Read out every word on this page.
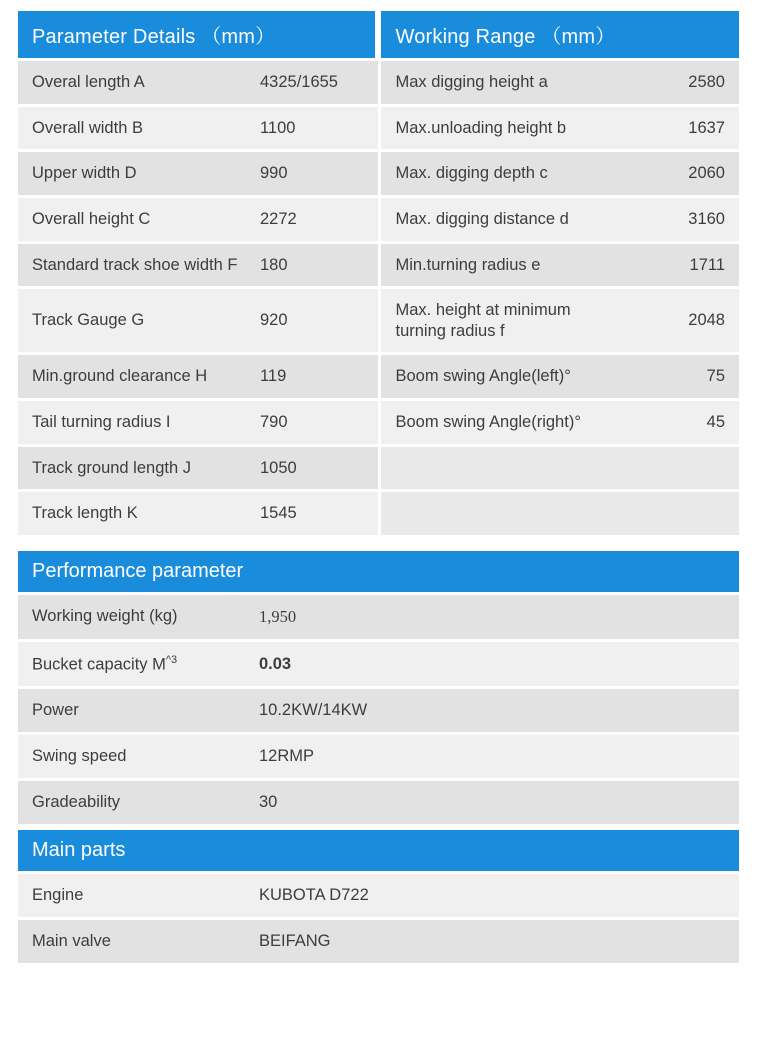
Parameter Details （mm）			Working Range （mm）	
Overal length A	4325/1655		Max digging height a	2580
Overall width B	1100		Max.unloading height b	1637
Upper width D	990		Max. digging depth c	2060
Overall height C	2272		Max. digging distance d	3160
Standard track shoe width F	180		Min.turning radius e	1711
Track Gauge G	920		Max. height at minimum turning radius f	2048
Min.ground clearance H	119		Boom swing Angle(left)°	75
Tail turning radius I	790		Boom swing Angle(right)°	45
Track ground length J	1050			
Track length K	1545			
Performance parameter	
Working weight (kg)	1,950
Bucket capacity $M^{\^{}3}$	0.03
Power	10.2KW/14KW
Swing speed	12RMP
Gradeability	30
Main parts	
Engine	KUBOTA D722
Main valve	BEIFANG
